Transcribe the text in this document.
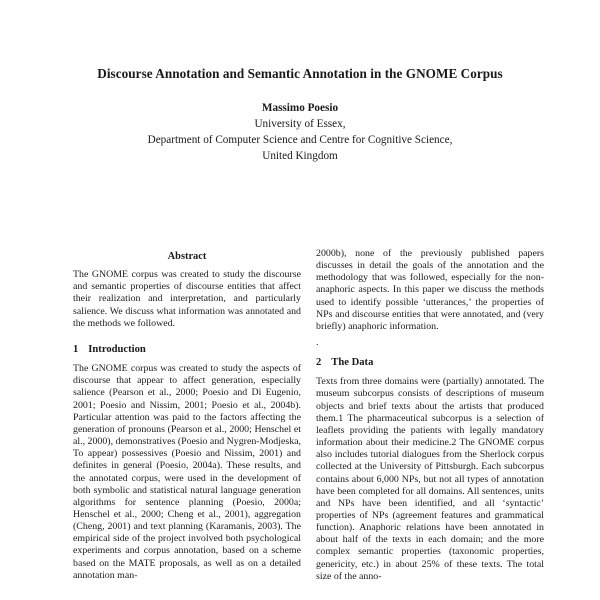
Discourse Annotation and Semantic Annotation in the GNOME Corpus
Massimo Poesio
University of Essex,
Department of Computer Science and Centre for Cognitive Science,
United Kingdom
Abstract

The GNOME corpus was created to study the discourse and semantic properties of discourse entities that affect their realization and interpretation, and particularly salience. We discuss what information was annotated and the methods we followed.

1 Introduction

The GNOME corpus was created to study the aspects of discourse that appear to affect generation, especially salience (Pearson et al., 2000; Poesio and Di Eugenio, 2001; Poesio and Nissim, 2001; Poesio et al., 2004b). Particular attention was paid to the factors affecting the generation of pronouns (Pearson et al., 2000; Henschel et al., 2000), demonstratives (Poesio and Nygren-Modjeska, To appear) possessives (Poesio and Nissim, 2001) and definites in general (Poesio, 2004a). These results, and the annotated corpus, were used in the development of both symbolic and statistical natural language generation algorithms for sentence planning (Poesio, 2000a; Henschel et al., 2000; Cheng et al., 2001), aggregation (Cheng, 2001) and text planning (Karamanis, 2003). The empirical side of the project involved both psychological experiments and corpus annotation, based on a scheme based on the MATE proposals, as well as on a detailed annotation man-

2000b), none of the previously published papers discusses in detail the goals of the annotation and the methodology that was followed, especially for the non-anaphoric aspects. In this paper we discuss the methods used to identify possible ‘utterances,’ the properties of NPs and discourse entities that were annotated, and (very briefly) anaphoric information.

.

2 The Data

Texts from three domains were (partially) annotated. The museum subcorpus consists of descriptions of museum objects and brief texts about the artists that produced them.1 The pharmaceutical subcorpus is a selection of leaflets providing the patients with legally mandatory information about their medicine.2 The GNOME corpus also includes tutorial dialogues from the Sherlock corpus collected at the University of Pittsburgh. Each subcorpus contains about 6,000 NPs, but not all types of annotation have been completed for all domains. All sentences, units and NPs have been identified, and all ‘syntactic’ properties of NPs (agreement features and grammatical function). Anaphoric relations have been annotated in about half of the texts in each domain; and the more complex semantic properties (taxonomic properties, genericity, etc.) in about 25% of these texts. The total size of the anno-
